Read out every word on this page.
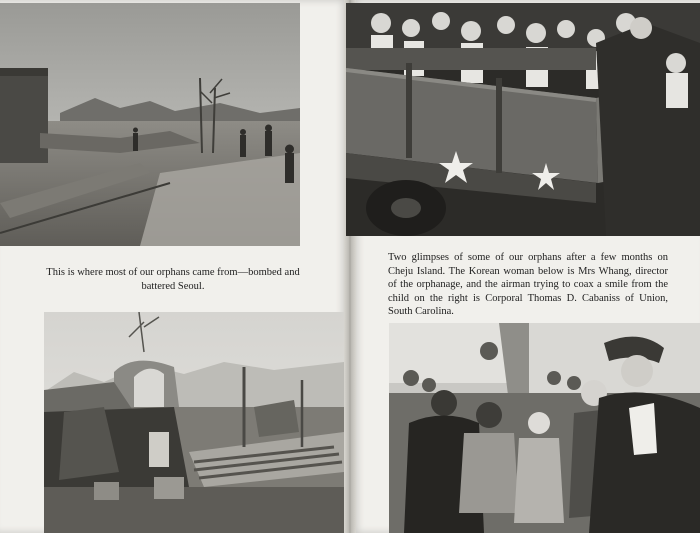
This is where most of our orphans came from—bombed and battered Seoul.

Two glimpses of some of our orphans after a few months on Cheju Island. The Korean woman below is Mrs Whang, director of the orphanage, and the airman trying to coax a smile from the child on the right is Corporal Thomas D. Cabaniss of Union, South Carolina.
